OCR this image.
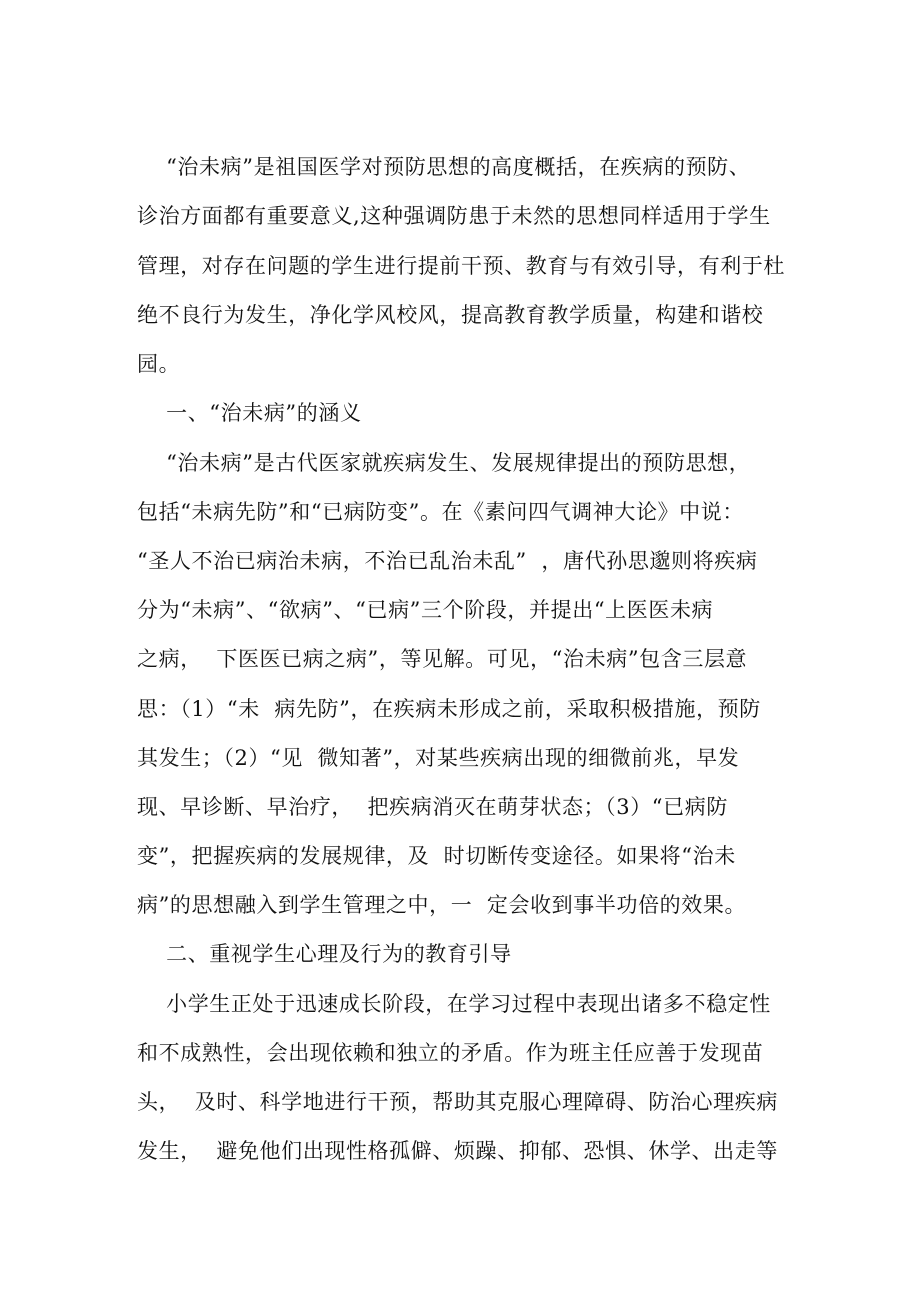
“治未病”是祖国医学对预防思想的高度概括，在疾病的预防、
诊治方面都有重要意义,这种强调防患于未然的思想同样适用于学生
管理，对存在问题的学生进行提前干预、教育与有效引导，有利于杜
绝不良行为发生，净化学风校风，提高教育教学质量，构建和谐校
园。
一、“治未病”的涵义
“治未病”是古代医家就疾病发生、发展规律提出的预防思想，
包括“未病先防”和“已病防变”。在《素问四气调神大论》中说：
“圣人不治已病治未病，不治已乱治未乱”  ，唐代孙思邈则将疾病
分为“未病”、“欲病”、“已病”三个阶段，并提出“上医医未病
之病，  下医医已病之病”，等见解。可见，“治未病”包含三层意
思：（1）“未  病先防”，在疾病未形成之前，采取积极措施，预防
其发生；（2）“见  微知著”，对某些疾病出现的细微前兆，早发
现、早诊断、早治疗，  把疾病消灭在萌芽状态；（3）“已病防
变”，把握疾病的发展规律，及  时切断传变途径。如果将“治未
病”的思想融入到学生管理之中，一  定会收到事半功倍的效果。
二、重视学生心理及行为的教育引导
小学生正处于迅速成长阶段，在学习过程中表现出诸多不稳定性
和不成熟性，会出现依赖和独立的矛盾。作为班主任应善于发现苗
头，  及时、科学地进行干预，帮助其克服心理障碍、防治心理疾病
发生，  避免他们出现性格孤僻、烦躁、抑郁、恐惧、休学、出走等
